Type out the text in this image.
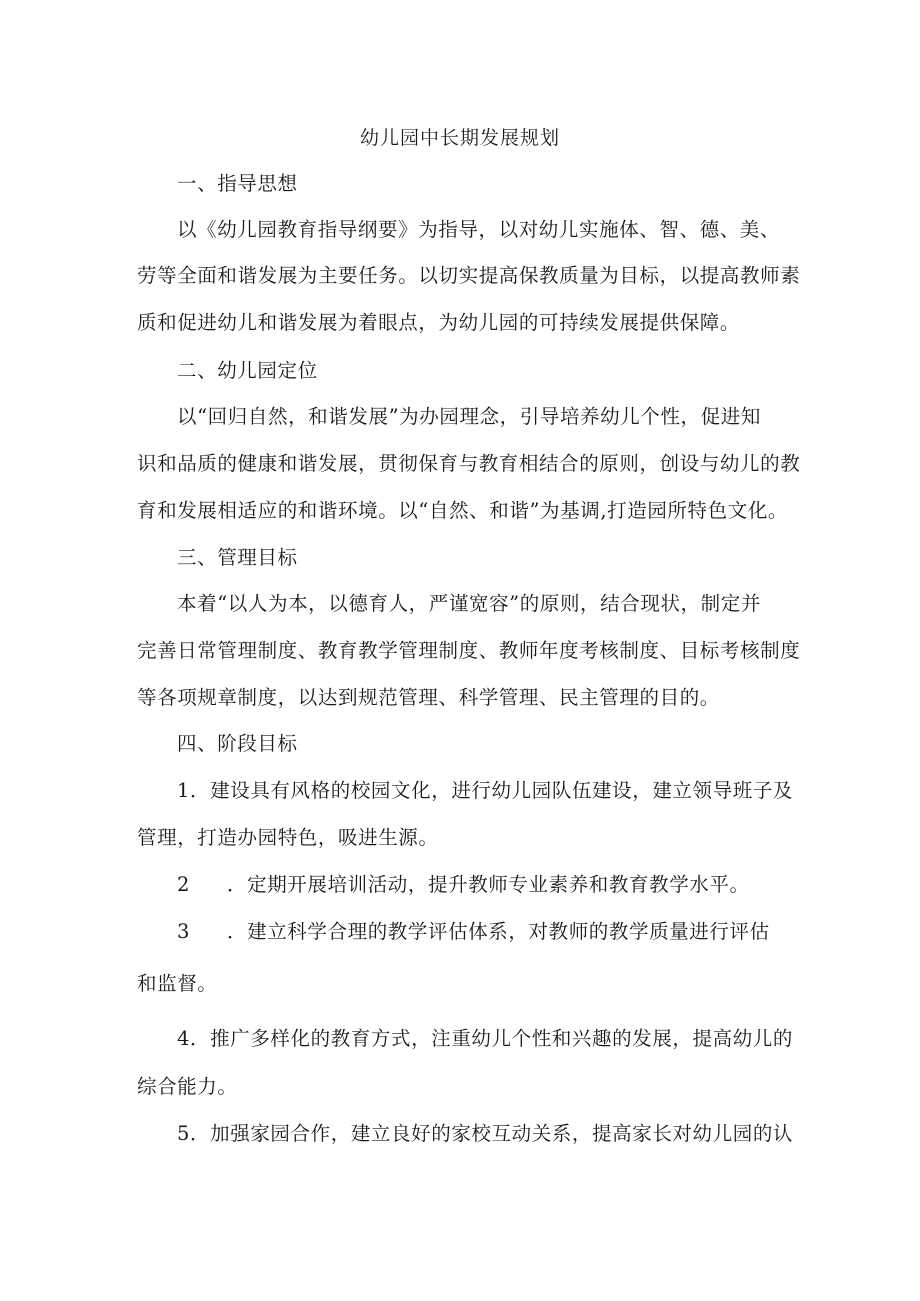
幼儿园中长期发展规划
一、指导思想
以《幼儿园教育指导纲要》为指导，以对幼儿实施体、智、德、美、
劳等全面和谐发展为主要任务。以切实提高保教质量为目标，以提高教师素
质和促进幼儿和谐发展为着眼点，为幼儿园的可持续发展提供保障。
二、幼儿园定位
以“回归自然，和谐发展”为办园理念，引导培养幼儿个性，促进知
识和品质的健康和谐发展，贯彻保育与教育相结合的原则，创设与幼儿的教
育和发展相适应的和谐环境。以“自然、和谐”为基调,打造园所特色文化。
三、管理目标
本着“以人为本，以德育人，严谨宽容”的原则，结合现状，制定并
完善日常管理制度、教育教学管理制度、教师年度考核制度、目标考核制度
等各项规章制度，以达到规范管理、科学管理、民主管理的目的。
四、阶段目标
1．建设具有风格的校园文化，进行幼儿园队伍建设，建立领导班子及
管理，打造办园特色，吸进生源。
2 ．定期开展培训活动，提升教师专业素养和教育教学水平。
3 ．建立科学合理的教学评估体系，对教师的教学质量进行评估
和监督。
4．推广多样化的教育方式，注重幼儿个性和兴趣的发展，提高幼儿的
综合能力。
5．加强家园合作，建立良好的家校互动关系，提高家长对幼儿园的认
